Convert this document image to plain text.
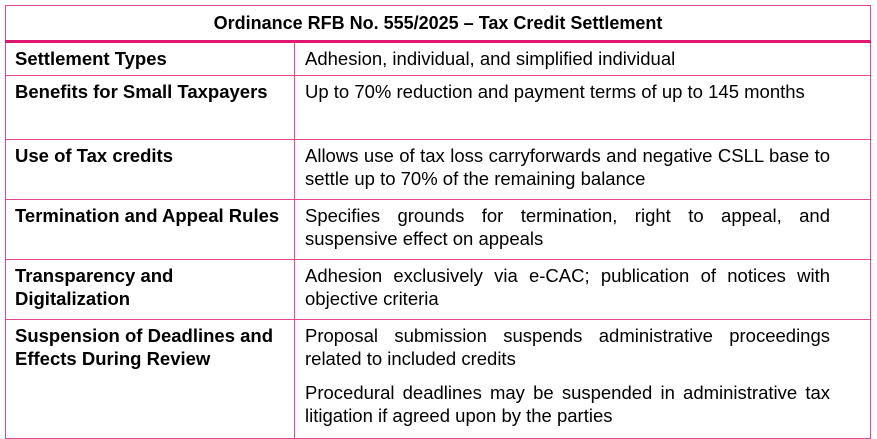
Ordinance RFB No. 555/2025 – Tax Credit Settlement	
Settlement Types	Adhesion, individual, and simplified individual

Benefits for Small Taxpayers	Up to 70% reduction and payment terms of up to 145 months

Use of Tax credits	Allows use of tax loss carryforwards and negative CSLL base to settle up to 70% of the remaining balance

Termination and Appeal Rules	Specifies grounds for termination, right to appeal, and suspensive effect on appeals

Transparency and Digitalization	Adhesion exclusively via e-CAC; publication of notices with objective criteria

Suspension of Deadlines and Effects During Review	Proposal submission suspends administrative proceedings related to included credits

Procedural deadlines may be suspended in administrative tax litigation if agreed upon by the parties
